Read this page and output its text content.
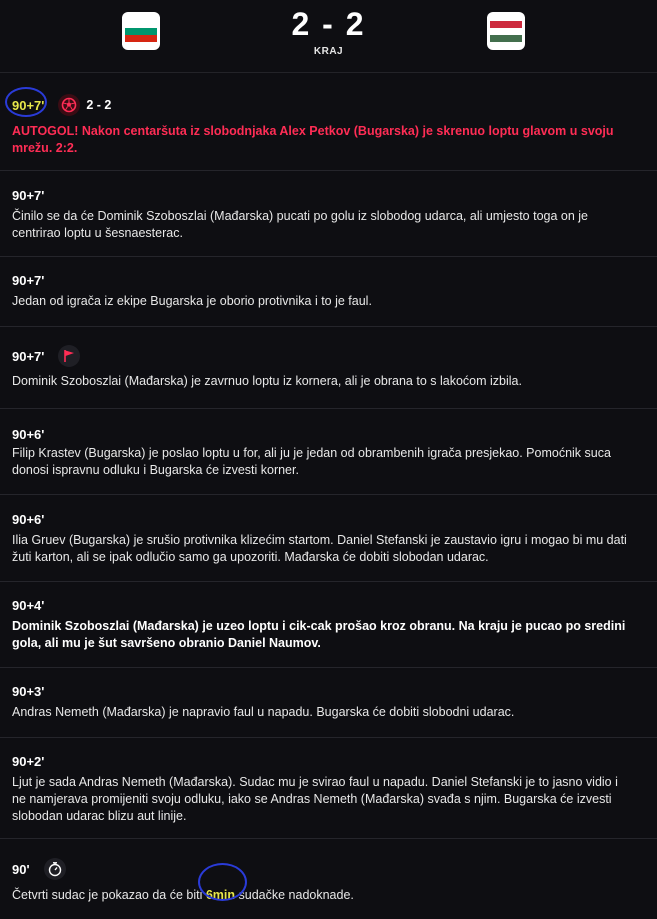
2 - 2
KRAJ
90+7'	2 - 2
AUTOGOL! Nakon centaršuta iz slobodnjaka Alex Petkov (Bugarska) je skrenuo loptu glavom u svoju mrežu. 2:2.
90+7'
Činilo se da će Dominik Szoboszlai (Mađarska) pucati po golu iz slobodog udarca, ali umjesto toga on je centrirao loptu u šesnaesterac.
90+7'
Jedan od igrača iz ekipe Bugarska je oborio protivnika i to je faul.
90+7'
Dominik Szoboszlai (Mađarska) je zavrnuo loptu iz kornera, ali je obrana to s lakoćom izbila.
90+6'
Filip Krastev (Bugarska) je poslao loptu u for, ali ju je jedan od obrambenih igrača presjekao. Pomoćnik suca donosi ispravnu odluku i Bugarska će izvesti korner.
90+6'
Ilia Gruev (Bugarska) je srušio protivnika klizećim startom. Daniel Stefanski je zaustavio igru i mogao bi mu dati žuti karton, ali se ipak odlučio samo ga upozoriti. Mađarska će dobiti slobodan udarac.
90+4'
Dominik Szoboszlai (Mađarska) je uzeo loptu i cik-cak prošao kroz obranu. Na kraju je pucao po sredini gola, ali mu je šut savršeno obranio Daniel Naumov.
90+3'
Andras Nemeth (Mađarska) je napravio faul u napadu. Bugarska će dobiti slobodni udarac.
90+2'
Ljut je sada Andras Nemeth (Mađarska). Sudac mu je svirao faul u napadu. Daniel Stefanski je to jasno vidio i ne namjerava promijeniti svoju odluku, iako se Andras Nemeth (Mađarska) svađa s njim. Bugarska će izvesti slobodan udarac blizu aut linije.
90'
Četvrti sudac je pokazao da će biti 6min sudačke nadoknade.
